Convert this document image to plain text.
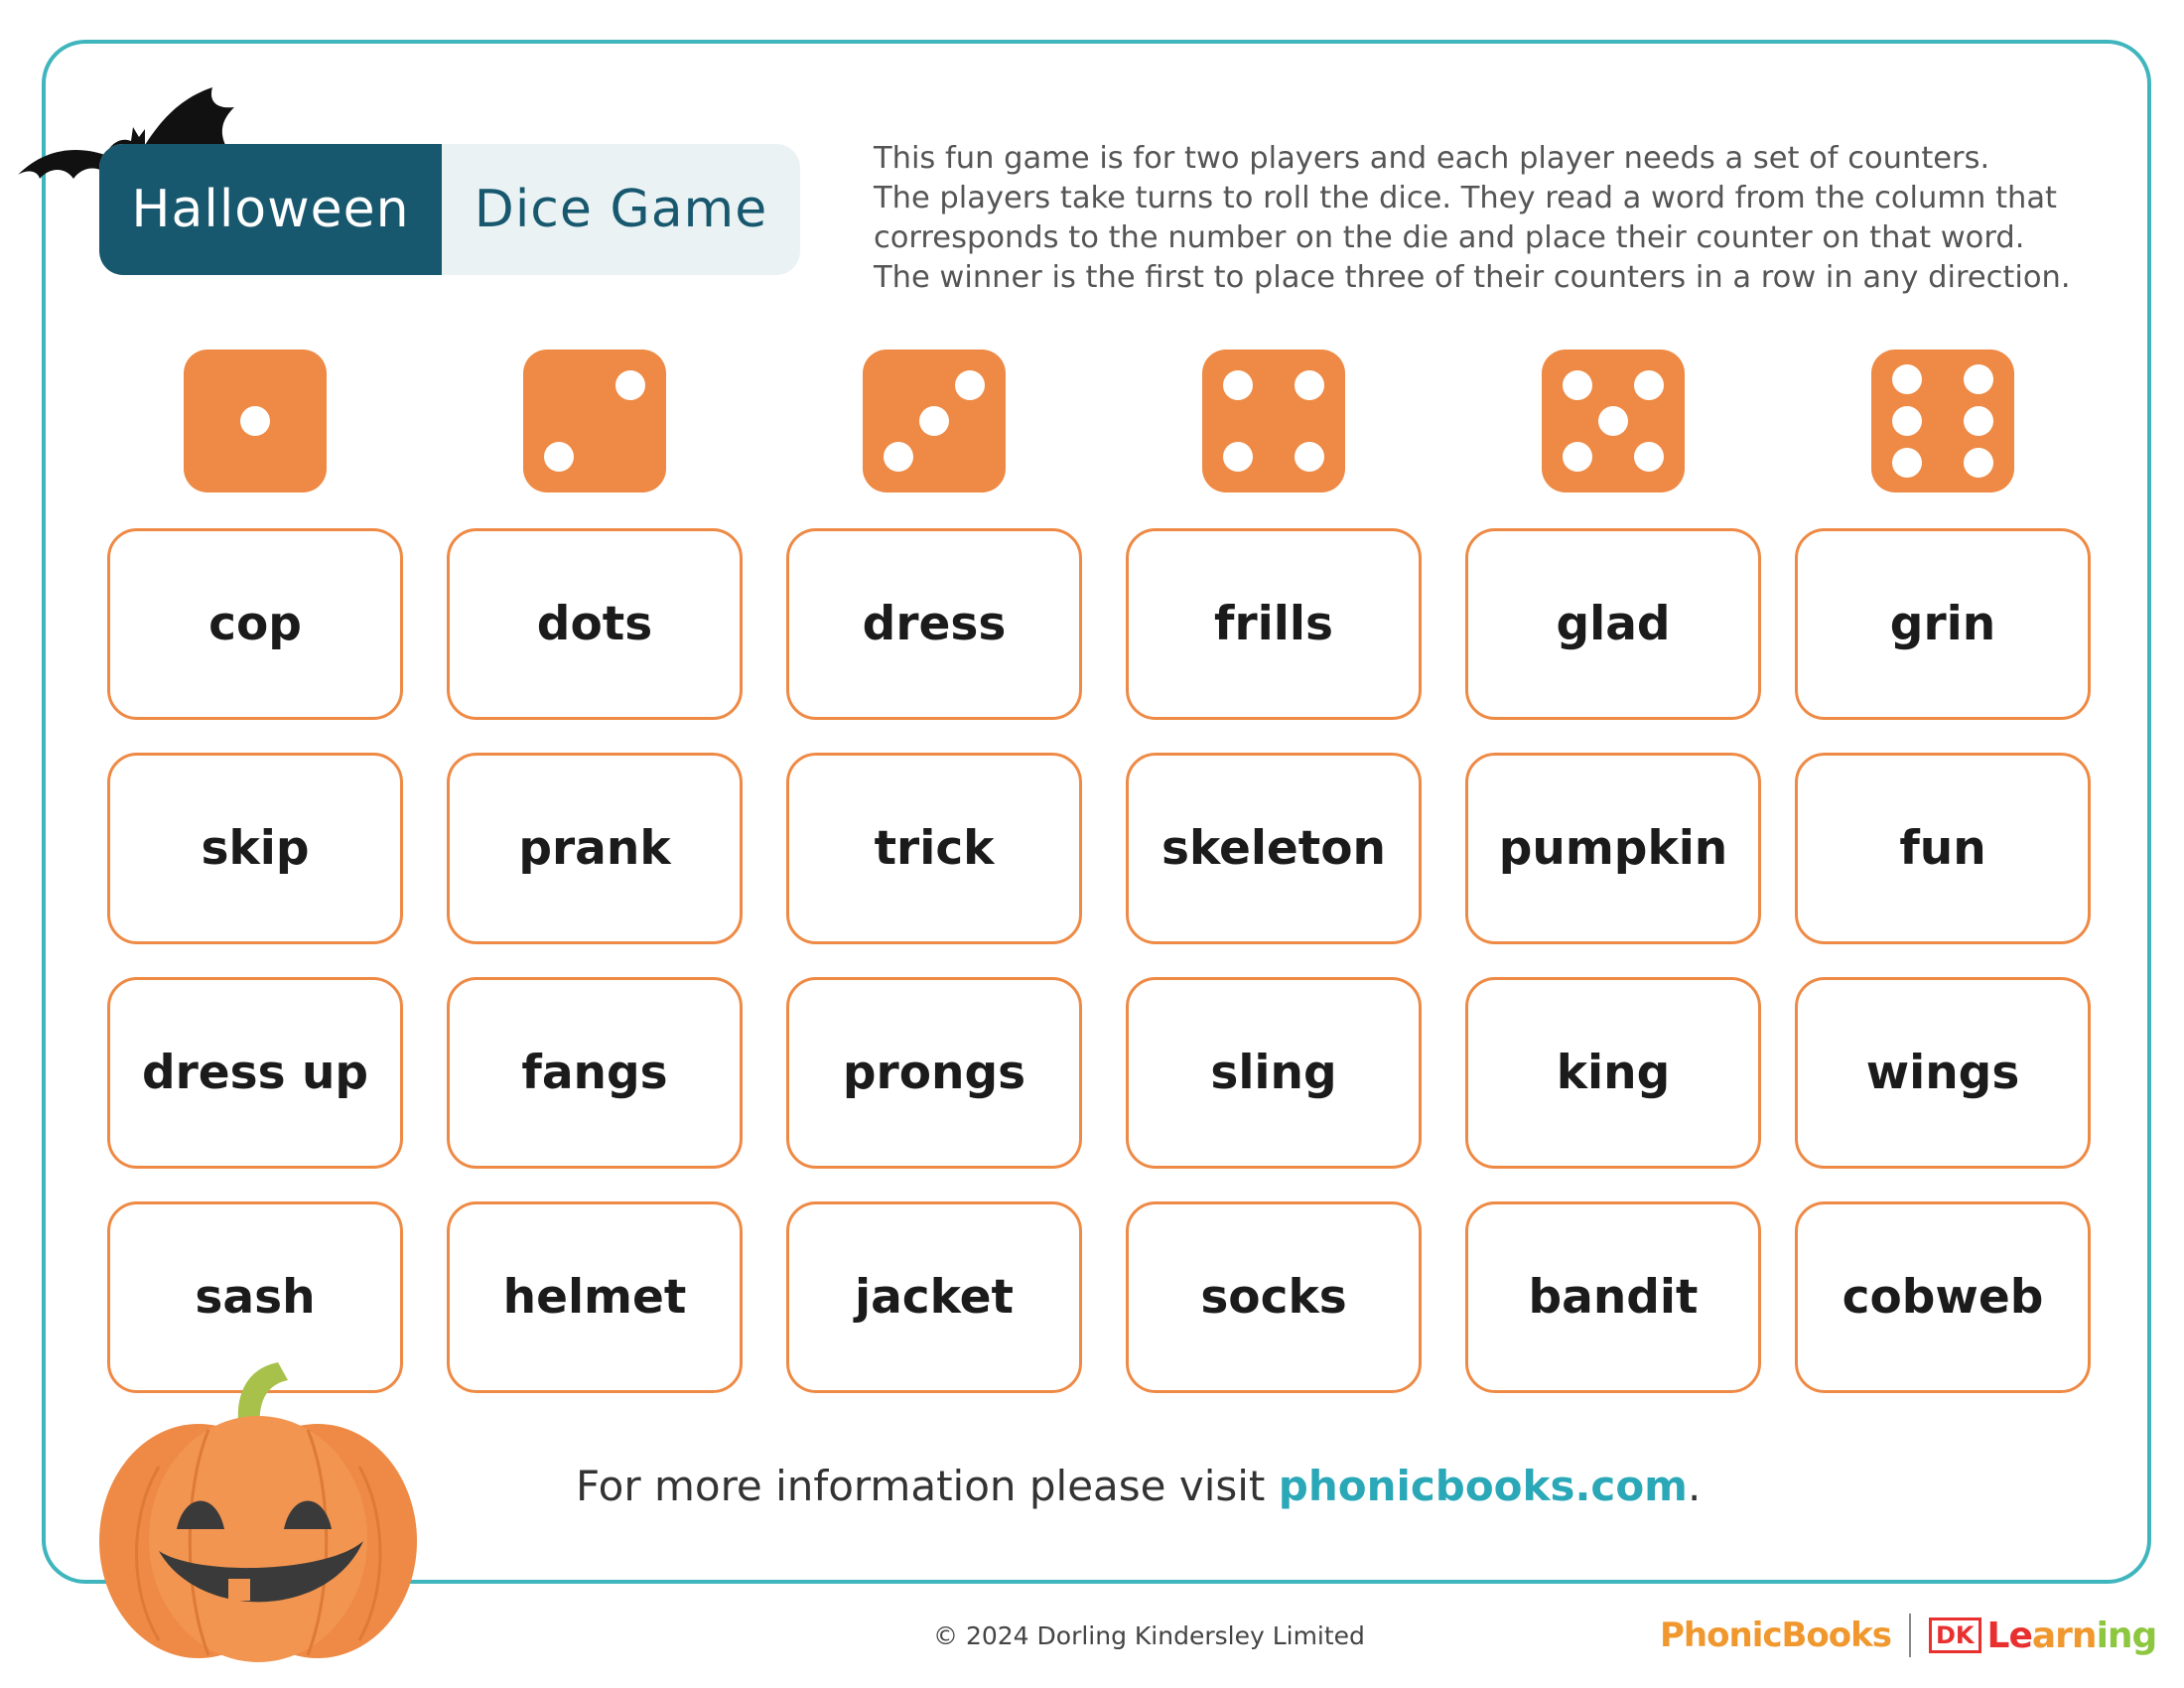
Halloween	Dice Game
This fun game is for two players and each player needs a set of counters.
The players take turns to roll the dice. They read a word from the column that
corresponds to the number on the die and place their counter on that word.
The winner is the first to place three of their counters in a row in any direction.
cop	dots	dress	frills	glad	grin
skip	prank	trick	skeleton	pumpkin	fun
dress up	fangs	prongs	sling	king	wings
sash	helmet	jacket	socks	bandit	cobweb
For more information please visit phonicbooks.com.
© 2024 Dorling Kindersley Limited	PhonicBooks DK Learning
